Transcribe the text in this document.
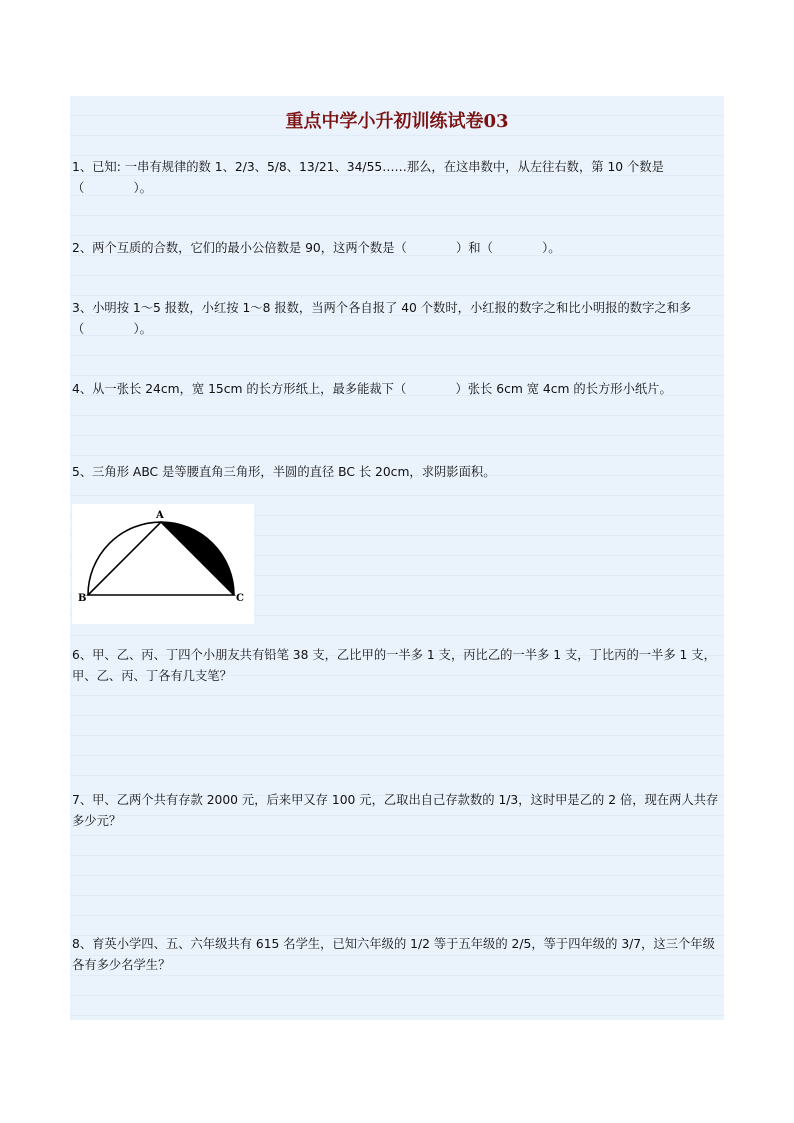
重点中学小升初训练试卷03

1、已知: 一串有规律的数 1、2/3、5/8、13/21、34/55……那么，在这串数中，从左往右数，第 10 个数是（　　　　）。

2、两个互质的合数，它们的最小公倍数是 90，这两个数是（　　　　）和（　　　　）。

3、小明按 1～5 报数，小红按 1～8 报数，当两个各自报了 40 个数时，小红报的数字之和比小明报的数字之和多（　　　　）。

4、从一张长 24cm，宽 15cm 的长方形纸上，最多能裁下（　　　　）张长 6cm 宽 4cm 的长方形小纸片。

5、三角形 ABC 是等腰直角三角形，半圆的直径 BC 长 20cm，求阴影面积。

A
B	C

6、甲、乙、丙、丁四个小朋友共有铅笔 38 支，乙比甲的一半多 1 支，丙比乙的一半多 1 支，丁比丙的一半多 1 支，甲、乙、丙、丁各有几支笔？

7、甲、乙两个共有存款 2000 元，后来甲又存 100 元，乙取出自己存款数的 1/3，这时甲是乙的 2 倍，现在两人共存多少元？

8、育英小学四、五、六年级共有 615 名学生，已知六年级的 1/2 等于五年级的 2/5，等于四年级的 3/7，这三个年级各有多少名学生？
